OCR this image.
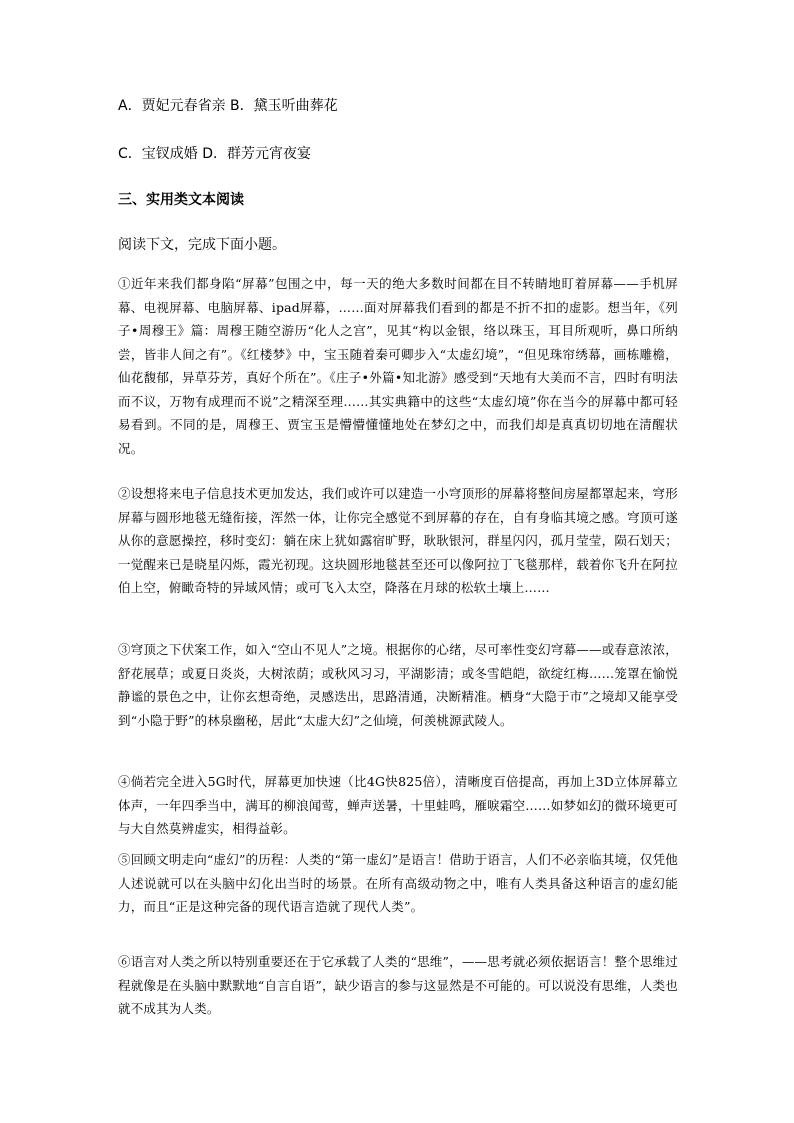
A．贾妃元春省亲 B．黛玉听曲葬花
C．宝钗成婚 D．群芳元宵夜宴
三、实用类文本阅读
阅读下文，完成下面小题。
①近年来我们都身陷“屏幕”包围之中，每一天的绝大多数时间都在目不转睛地盯着屏幕——手机屏幕、电视屏幕、电脑屏幕、ipad屏幕，……面对屏幕我们看到的都是不折不扣的虚影。想当年，《列子•周穆王》篇：周穆王随空游历“化人之宫”，见其“构以金银，络以珠玉，耳目所观听，鼻口所纳尝，皆非人间之有”。《红楼梦》中，宝玉随着秦可卿步入“太虚幻境”，“但见珠帘绣幕，画栋雕檐，仙花馥郁，异草芬芳，真好个所在”。《庄子•外篇•知北游》感受到“天地有大美而不言，四时有明法而不议，万物有成理而不说”之精深至理……其实典籍中的这些“太虚幻境”你在当今的屏幕中都可轻易看到。不同的是，周穆王、贾宝玉是懵懵懂懂地处在梦幻之中，而我们却是真真切切地在清醒状况。
②设想将来电子信息技术更加发达，我们或许可以建造一小穹顶形的屏幕将整间房屋都罩起来，穹形屏幕与圆形地毯无缝衔接，浑然一体，让你完全感觉不到屏幕的存在，自有身临其境之感。穹顶可遂从你的意愿操控，移时变幻：躺在床上犹如露宿旷野，耿耿银河，群星闪闪，孤月莹莹，陨石划天；一觉醒来已是晓星闪烁，霞光初现。这块圆形地毯甚至还可以像阿拉丁飞毯那样，载着你飞升在阿拉伯上空，俯瞰奇特的异域风情；或可飞入太空，降落在月球的松软土壤上……
③穹顶之下伏案工作，如入“空山不见人”之境。根据你的心绪，尽可率性变幻穹幕——或春意浓浓，舒花展草；或夏日炎炎，大树浓荫；或秋风习习，平湖影清；或冬雪皑皑，欲绽红梅……笼罩在愉悦静谧的景色之中，让你玄想奇绝，灵感迭出，思路清通，决断精准。栖身“大隐于市”之境却又能享受到“小隐于野”的林泉幽秘，居此“太虚大幻”之仙境，何羡桃源武陵人。
④倘若完全进入5G时代，屏幕更加快速（比4G快825倍），清晰度百倍提高，再加上3D立体屏幕立体声，一年四季当中，满耳的柳浪闻莺，蝉声送暑，十里蛙鸣，雁唳霜空……如梦如幻的微环境更可与大自然莫辨虚实，相得益彰。
⑤回顾文明走向“虚幻”的历程：人类的“第一虚幻”是语言！借助于语言，人们不必亲临其境，仅凭他人述说就可以在头脑中幻化出当时的场景。在所有高级动物之中，唯有人类具备这种语言的虚幻能力，而且“正是这种完备的现代语言造就了现代人类”。
⑥语言对人类之所以特别重要还在于它承载了人类的“思维”，——思考就必须依据语言！整个思维过程就像是在头脑中默默地“自言自语”，缺少语言的参与这显然是不可能的。可以说没有思维，人类也就不成其为人类。
